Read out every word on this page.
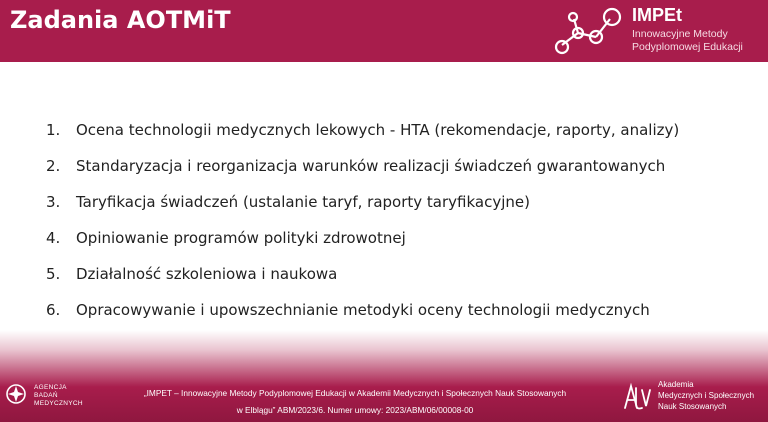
Zadania AOTMiT	IMPEt
Innowacyjne Metody
Podyplomowej Edukacji
1.	Ocena technologii medycznych lekowych - HTA (rekomendacje, raporty, analizy)
2.	Standaryzacja i reorganizacja warunków realizacji świadczeń gwarantowanych
3.	Taryfikacja świadczeń (ustalanie taryf, raporty taryfikacyjne)
4.	Opiniowanie programów polityki zdrowotnej
5.	Działalność szkoleniowa i naukowa
6.	Opracowywanie i upowszechnianie metodyki oceny technologii medycznych
AGENCJA
BADAŃ
MEDYCZNYCH
„IMPET – Innowacyjne Metody Podyplomowej Edukacji w Akademii Medycznych i Społecznych Nauk Stosowanych
w Elblągu” ABM/2023/6. Numer umowy: 2023/ABM/06/00008-00
Akademia
Medycznych i Społecznych
Nauk Stosowanych
